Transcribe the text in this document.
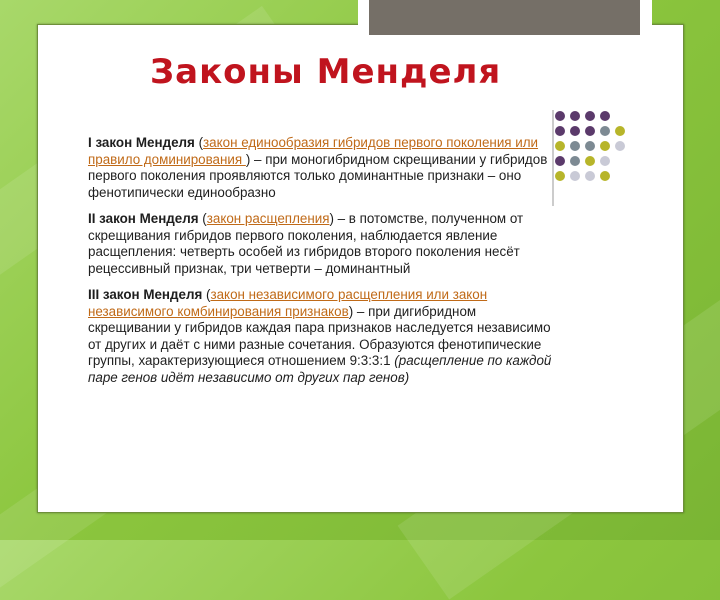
Законы Менделя

I закон Менделя (закон единообразия гибридов первого поколения или правило доминирования ) – при моногибридном скрещивании у гибридов первого поколения проявляются только доминантные признаки – оно фенотипически единообразно

II закон Менделя (закон расщепления) – в потомстве, полученном от скрещивания гибридов первого поколения, наблюдается явление расщепления: четверть особей из гибридов второго поколения несёт рецессивный признак, три четверти – доминантный

III закон Менделя (закон независимого расщепления или закон независимого комбинирования признаков) – при дигибридном скрещивании у гибридов каждая пара признаков наследуется независимо от других и даёт с ними разные сочетания. Образуются фенотипические группы, характеризующиеся отношением 9:3:3:1 (расщепление по каждой паре генов идёт независимо от других пар генов)
